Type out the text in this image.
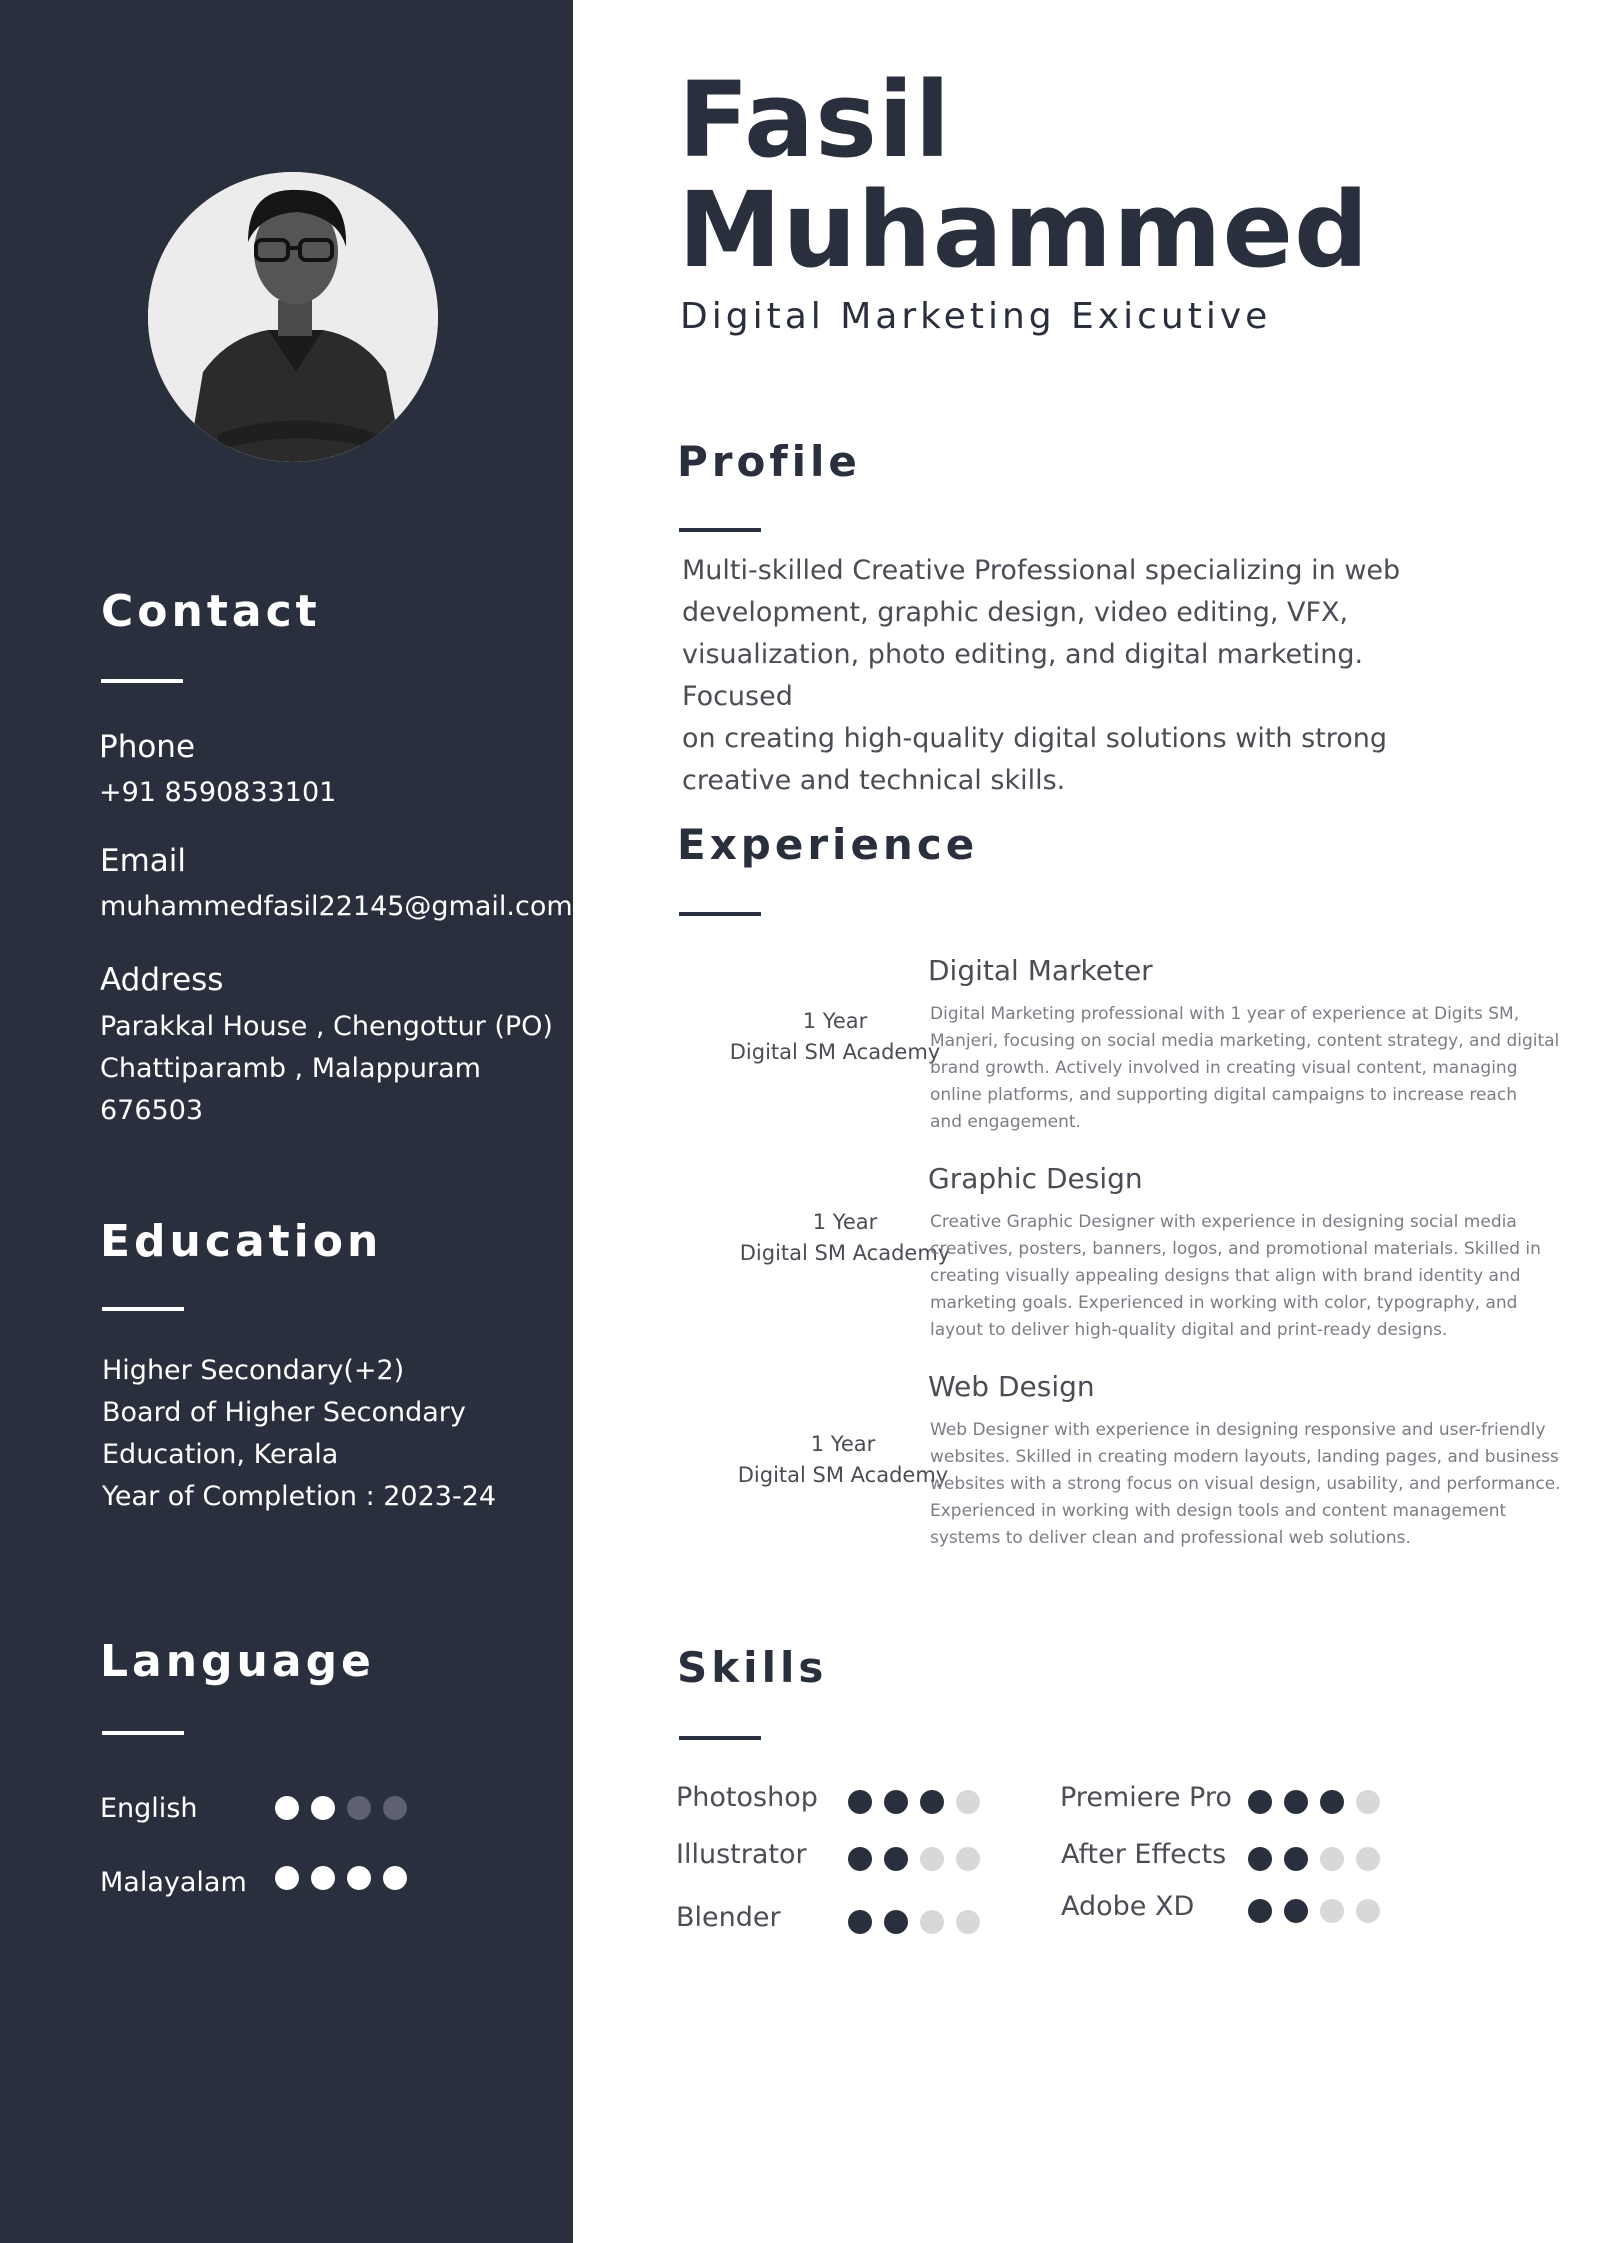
Contact

Phone

+91 8590833101

Email

muhammedfasil22145@gmail.com

Address

Parakkal House , Chengottur (PO)

Chattiparamb , Malappuram

676503

Education

Higher Secondary(+2)

Board of Higher Secondary

Education, Kerala

Year of Completion : 2023-24

Language
English
Malayalam
Fasil
Muhammed

Digital Marketing Exicutive

Profile

Multi-skilled Creative Professional specializing in web

development, graphic design, video editing, VFX,

visualization, photo editing, and digital marketing. Focused

on creating high-quality digital solutions with strong

creative and technical skills.

Experience
1 Year
Digital SM Academy

Digital Marketer

Digital Marketing professional with 1 year of experience at Digits SM,

Manjeri, focusing on social media marketing, content strategy, and digital

brand growth. Actively involved in creating visual content, managing

online platforms, and supporting digital campaigns to increase reach

and engagement.

1 Year
Digital SM Academy

Graphic Design

Creative Graphic Designer with experience in designing social media

creatives, posters, banners, logos, and promotional materials. Skilled in

creating visually appealing designs that align with brand identity and

marketing goals. Experienced in working with color, typography, and

layout to deliver high-quality digital and print-ready designs.

1 Year
Digital SM Academy

Web Design

Web Designer with experience in designing responsive and user-friendly

websites. Skilled in creating modern layouts, landing pages, and business

websites with a strong focus on visual design, usability, and performance.

Experienced in working with design tools and content management

systems to deliver clean and professional web solutions.

Skills
Photoshop
Illustrator
Blender
Premiere Pro
After Effects
Adobe XD
